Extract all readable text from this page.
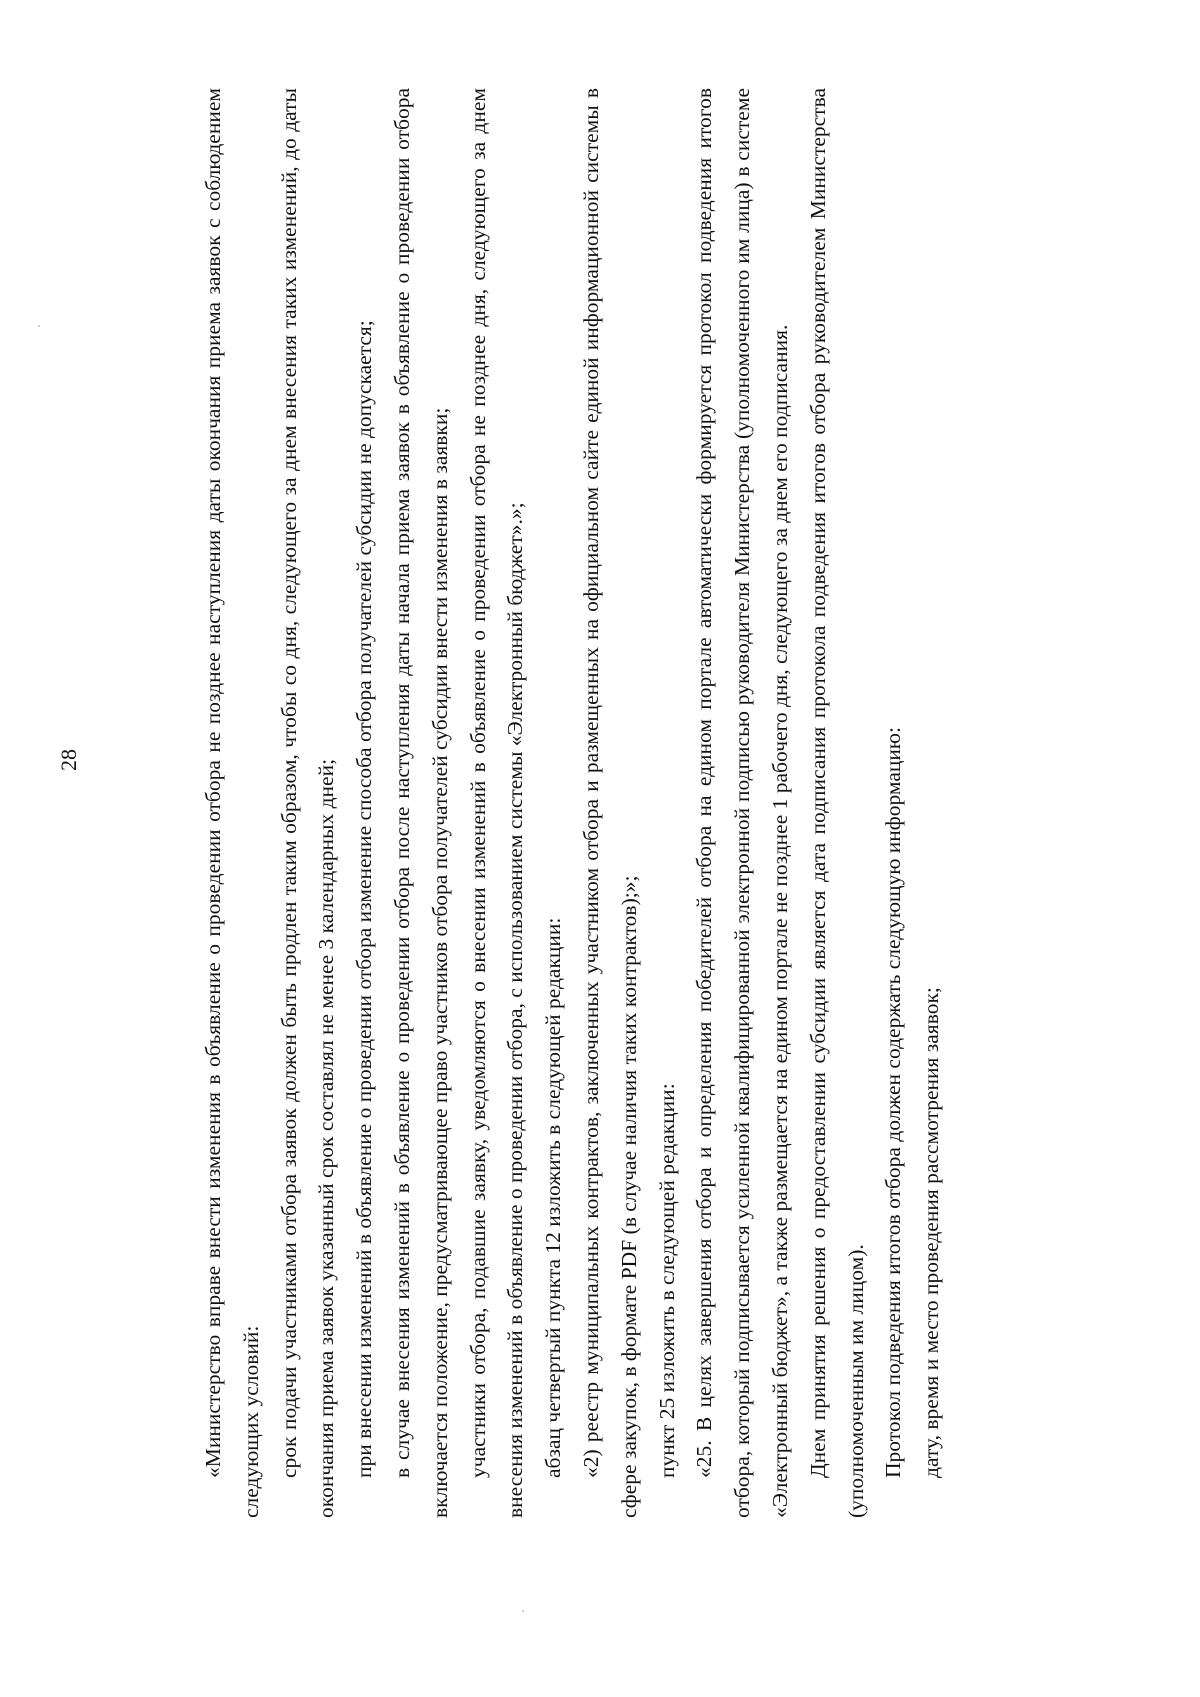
28	«Министерство вправе внести изменения в объявление о проведении отбора не позднее наступления даты окончания приема заявок с соблюдением следующих условий: срок подачи участниками отбора заявок должен быть продлен таким образом, чтобы со дня, следующего за днем внесения таких изменений, до даты окончания приема заявок указанный срок составлял не менее 3 календарных дней; при внесении изменений в объявление о проведении отбора изменение способа отбора получателей субсидии не допускается; в случае внесения изменений в объявление о проведении отбора после наступления даты начала приема заявок в объявление о проведении отбора включается положение, предусматривающее право участников отбора получателей субсидии внести изменения в заявки; участники отбора, подавшие заявку, уведомляются о внесении изменений в объявление о проведении отбора не позднее дня, следующего за днем внесения изменений в объявление о проведении отбора, с использованием системы «Электронный бюджет».»; абзац четвертый пункта 12 изложить в следующей редакции: «2) реестр муниципальных контрактов, заключенных участником отбора и размещенных на официальном сайте единой информационной системы в сфере закупок, в формате PDF (в случае наличия таких контрактов);»; пункт 25 изложить в следующей редакции: «25. В целях завершения отбора и определения победителей отбора на едином портале автоматически формируется протокол подведения итогов отбора, который подписывается усиленной квалифицированной электронной подписью руководителя Министерства (уполномоченного им лица) в системе «Электронный бюджет», а также размещается на едином портале не позднее 1 рабочего дня, следующего за днем его подписания. Днем принятия решения о предоставлении субсидии является дата подписания протокола подведения итогов отбора руководителем Министерства (уполномоченным им лицом). Протокол подведения итогов отбора должен содержать следующую информацию: дату, время и место проведения рассмотрения заявок;
